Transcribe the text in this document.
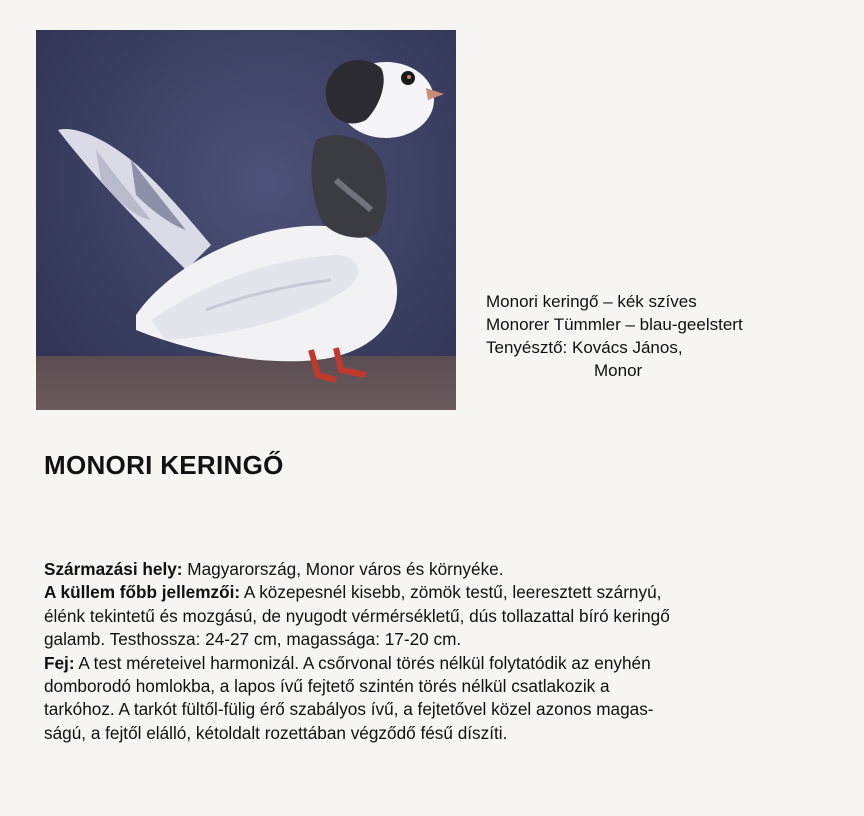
Monori keringő – kék szíves
Monorer Tümmler – blau-geelstert
Tenyésztő: Kovács János,
Monor
MONORI KERINGŐ
Származási hely: Magyarország, Monor város és környéke.
A küllem főbb jellemzői: A közepesnél kisebb, zömök testű, leeresztett szárnyú,
élénk tekintetű és mozgású, de nyugodt vérmérsékletű, dús tollazattal bíró keringő
galamb. Testhossza: 24-27 cm, magassága: 17-20 cm.
Fej: A test méreteivel harmonizál. A csőrvonal törés nélkül folytatódik az enyhén
domborodó homlokba, a lapos ívű fejtető szintén törés nélkül csatlakozik a
tarkóhoz. A tarkót fültől-fülig érő szabályos ívű, a fejtetővel közel azonos magas-
ságú, a fejtől elálló, kétoldalt rozettában végződő fésű díszíti.
